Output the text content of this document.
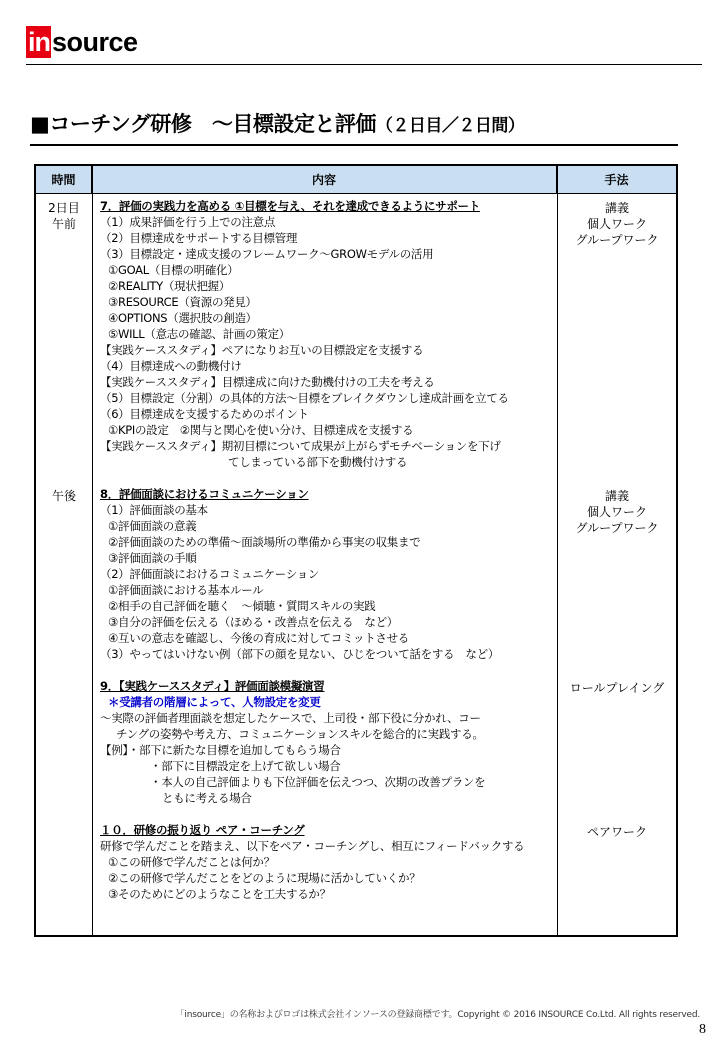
in source
■コーチング研修　～目標設定と評価 （２日目／２日間）
時間	内容	手法
2日目
午前
午後
講義
個人ワーク
グループワーク
講義
個人ワーク
グループワーク
ロールプレイング
ペアワーク
7．評価の実践力を高める ①目標を与え、それを達成できるようにサポート
（1）成果評価を行う上での注意点
（2）目標達成をサポートする目標管理
（3）目標設定・達成支援のフレームワーク～GROWモデルの活用
①GOAL（目標の明確化）
②REALITY（現状把握）
③RESOURCE（資源の発見）
④OPTIONS（選択肢の創造）
⑤WILL（意志の確認、計画の策定）
【実践ケーススタディ】ペアになりお互いの目標設定を支援する
（4）目標達成への動機付け
【実践ケーススタディ】目標達成に向けた動機付けの工夫を考える
（5）目標設定（分割）の具体的方法～目標をブレイクダウンし達成計画を立てる
（6）目標達成を支援するためのポイント
①KPIの設定　②関与と関心を使い分け、目標達成を支援する
【実践ケーススタディ】期初目標について成果が上がらずモチベーションを下げ
てしまっている部下を動機付けする
8．評価面談におけるコミュニケーション
（1）評価面談の基本
①評価面談の意義
②評価面談のための準備～面談場所の準備から事実の収集まで
③評価面談の手順
（2）評価面談におけるコミュニケーション
①評価面談における基本ルール
②相手の自己評価を聴く　～傾聴・質問スキルの実践
③自分の評価を伝える（ほめる・改善点を伝える　など）
④互いの意志を確認し、今後の育成に対してコミットさせる
（3）やってはいけない例（部下の顔を見ない、ひじをついて話をする　など）
9．【実践ケーススタディ】評価面談模擬演習
＊受講者の階層によって、人物設定を変更
～実際の評価者理面談を想定したケースで、上司役・部下役に分かれ、コー
チングの姿勢や考え方、コミュニケーションスキルを総合的に実践する。
【例】・部下に新たな目標を追加してもらう場合
・部下に目標設定を上げて欲しい場合
・本人の自己評価よりも下位評価を伝えつつ、次期の改善プランを
ともに考える場合
１０．研修の振り返り ペア・コーチング
研修で学んだことを踏まえ、以下をペア・コーチングし、相互にフィードバックする
①この研修で学んだことは何か？
②この研修で学んだことをどのように現場に活かしていくか？
③そのためにどのようなことを工夫するか？
「insource」の名称およびロゴは株式会社インソースの登録商標です。Copyright © 2016 INSOURCE Co.Ltd. All rights reserved.
8
